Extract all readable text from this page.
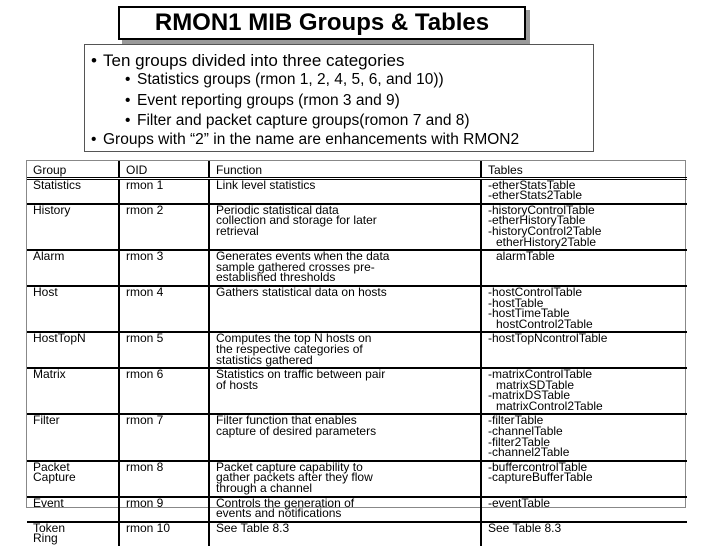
RMON1 MIB Groups & Tables
• Ten groups divided into three categories
• Statistics groups (rmon 1, 2, 4, 5, 6, and 10))
• Event reporting groups (rmon 3 and 9)
• Filter and packet capture groups(romon 7 and 8)
• Groups with “2” in the name are enhancements with RMON2
Group	OID	Function	Tables

Statistics	rmon 1	Link level statistics	-etherStatsTable
-etherStats2Table

History	rmon 2	Periodic statistical data
collection and storage for later
retrieval	-historyControlTable
-etherHistoryTable
-historyControl2Table
etherHistory2Table

Alarm	rmon 3	Generates events when the data
sample gathered crosses pre-
established thresholds	alarmTable

Host	rmon 4	Gathers statistical data on hosts	-hostControlTable
-hostTable
-hostTimeTable
hostControl2Table

HostTopN	rmon 5	Computes the top N hosts on
the respective categories of
statistics gathered	-hostTopNcontrolTable

Matrix	rmon 6	Statistics on traffic between pair
of hosts	-matrixControlTable
matrixSDTable
-matrixDSTable
matrixControl2Table

Filter	rmon 7	Filter function that enables
capture of desired parameters	-filterTable
-channelTable
-filter2Table
-channel2Table

Packet
Capture	rmon 8	Packet capture capability to
gather packets after they flow
through a channel	-buffercontrolTable
-captureBufferTable

Event	rmon 9	Controls the generation of
events and notifications	-eventTable

Token
Ring	rmon 10	See Table 8.3	See Table 8.3
